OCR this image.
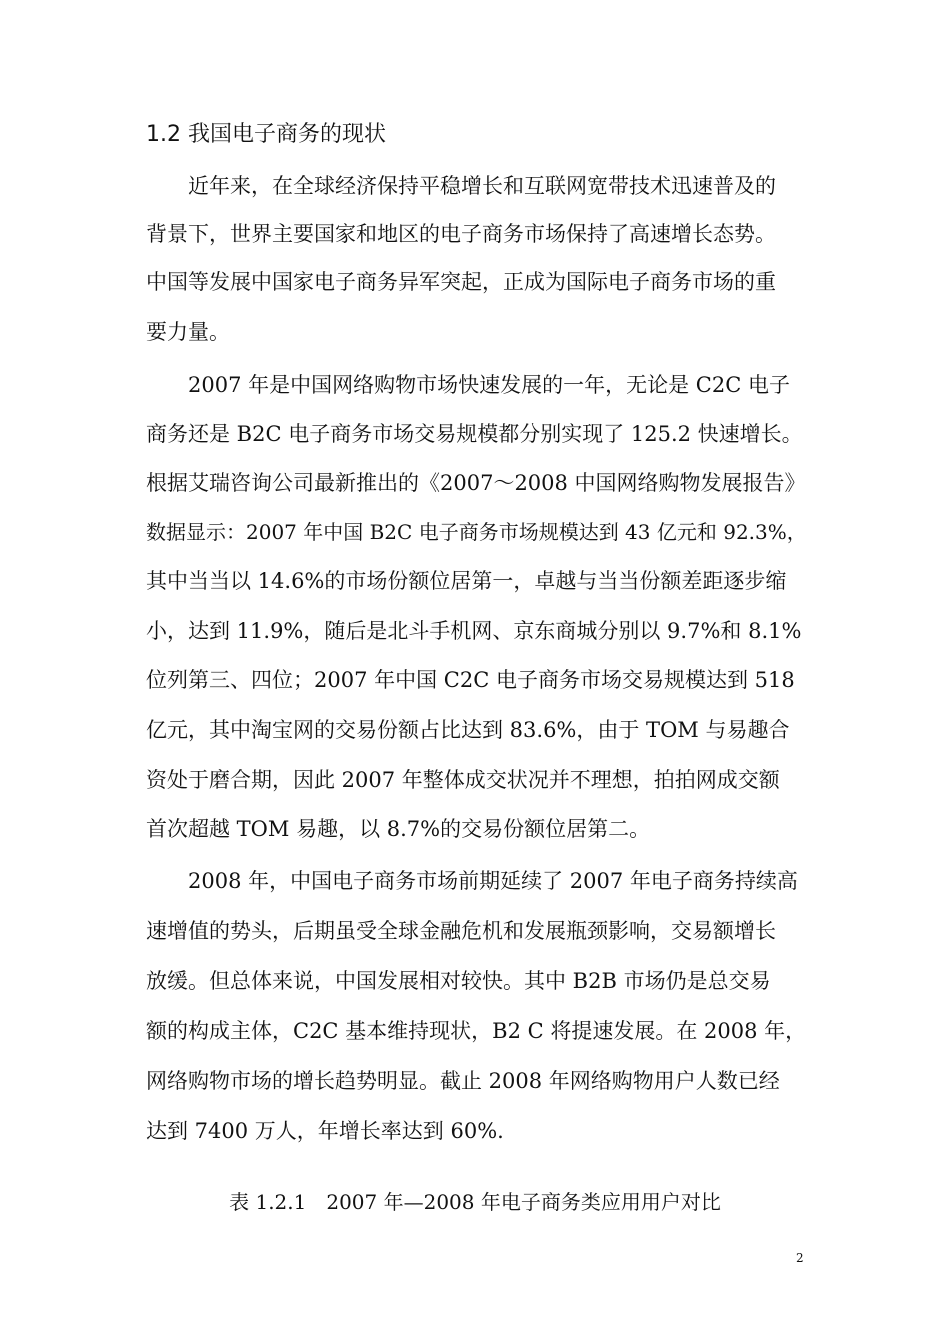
1.2 我国电子商务的现状
近年来，在全球经济保持平稳增长和互联网宽带技术迅速普及的
背景下，世界主要国家和地区的电子商务市场保持了高速增长态势。
中国等发展中国家电子商务异军突起，正成为国际电子商务市场的重
要力量。
2007 年是中国网络购物市场快速发展的一年，无论是 C2C 电子
商务还是 B2C 电子商务市场交易规模都分别实现了 125.2 快速增长。
根据艾瑞咨询公司最新推出的《2007～2008 中国网络购物发展报告》
数据显示：2007 年中国 B2C 电子商务市场规模达到 43 亿元和 92.3%，
其中当当以 14.6%的市场份额位居第一，卓越与当当份额差距逐步缩
小，达到 11.9%，随后是北斗手机网、京东商城分别以 9.7%和 8.1%
位列第三、四位；2007 年中国 C2C 电子商务市场交易规模达到 518
亿元，其中淘宝网的交易份额占比达到 83.6%，由于 TOM 与易趣合
资处于磨合期，因此 2007 年整体成交状况并不理想，拍拍网成交额
首次超越 TOM 易趣，以 8.7%的交易份额位居第二。
2008 年，中国电子商务市场前期延续了 2007 年电子商务持续高
速增值的势头，后期虽受全球金融危机和发展瓶颈影响，交易额增长
放缓。但总体来说，中国发展相对较快。其中 B2B 市场仍是总交易
额的构成主体，C2C 基本维持现状，B2 C 将提速发展。在 2008 年，
网络购物市场的增长趋势明显。截止 2008 年网络购物用户人数已经
达到 7400 万人，年增长率达到 60%.
表 1.2.1　2007 年—2008 年电子商务类应用用户对比
2
